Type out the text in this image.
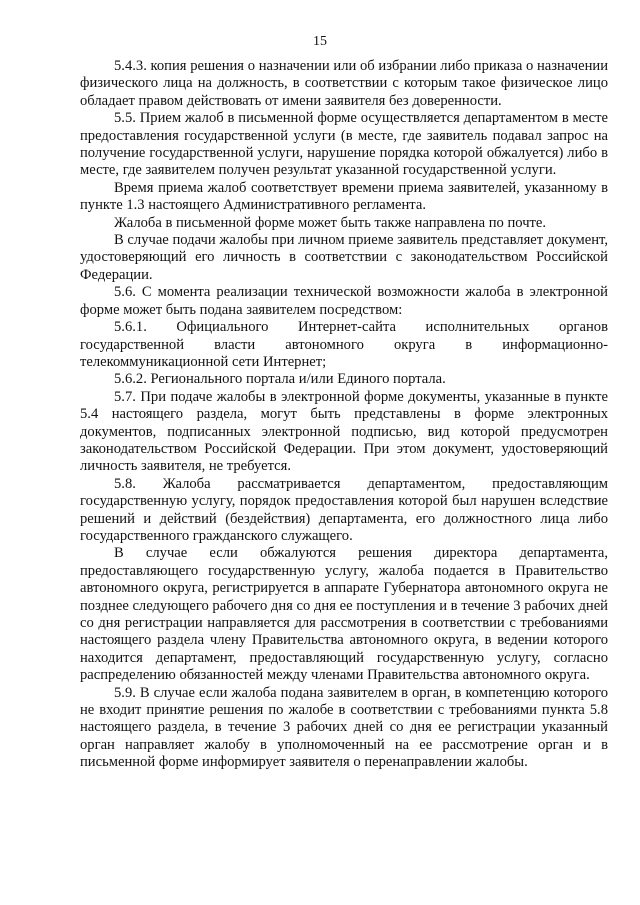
15

5.4.3. копия решения о назначении или об избрании либо приказа о назначении физического лица на должность, в соответствии с которым такое физическое лицо обладает правом действовать от имени заявителя без доверенности.

5.5. Прием жалоб в письменной форме осуществляется департаментом в месте предоставления государственной услуги (в месте, где заявитель подавал запрос на получение государственной услуги, нарушение порядка которой обжалуется) либо в месте, где заявителем получен результат указанной государственной услуги.

Время приема жалоб соответствует времени приема заявителей, указанному в пункте 1.3 настоящего Административного регламента.

Жалоба в письменной форме может быть также направлена по почте.

В случае подачи жалобы при личном приеме заявитель представляет документ, удостоверяющий его личность в соответствии с законодательством Российской Федерации.

5.6. С момента реализации технической возможности жалоба в электронной форме может быть подана заявителем посредством:

5.6.1. Официального Интернет-сайта исполнительных органов государственной власти автономного округа в информационно-телекоммуникационной сети Интернет;

5.6.2. Регионального портала и/или Единого портала.

5.7. При подаче жалобы в электронной форме документы, указанные в пункте 5.4 настоящего раздела, могут быть представлены в форме электронных документов, подписанных электронной подписью, вид которой предусмотрен законодательством Российской Федерации. При этом документ, удостоверяющий личность заявителя, не требуется.

5.8. Жалоба рассматривается департаментом, предоставляющим государственную услугу, порядок предоставления которой был нарушен вследствие решений и действий (бездействия) департамента, его должностного лица либо государственного гражданского служащего.

В случае если обжалуются решения директора департамента, предоставляющего государственную услугу, жалоба подается в Правительство автономного округа, регистрируется в аппарате Губернатора автономного округа не позднее следующего рабочего дня со дня ее поступления и в течение 3 рабочих дней со дня регистрации направляется для рассмотрения в соответствии с требованиями настоящего раздела члену Правительства автономного округа, в ведении которого находится департамент, предоставляющий государственную услугу, согласно распределению обязанностей между членами Правительства автономного округа.

5.9. В случае если жалоба подана заявителем в орган, в компетенцию которого не входит принятие решения по жалобе в соответствии с требованиями пункта 5.8 настоящего раздела, в течение 3 рабочих дней со дня ее регистрации указанный орган направляет жалобу в уполномоченный на ее рассмотрение орган и в письменной форме информирует заявителя о перенаправлении жалобы.
